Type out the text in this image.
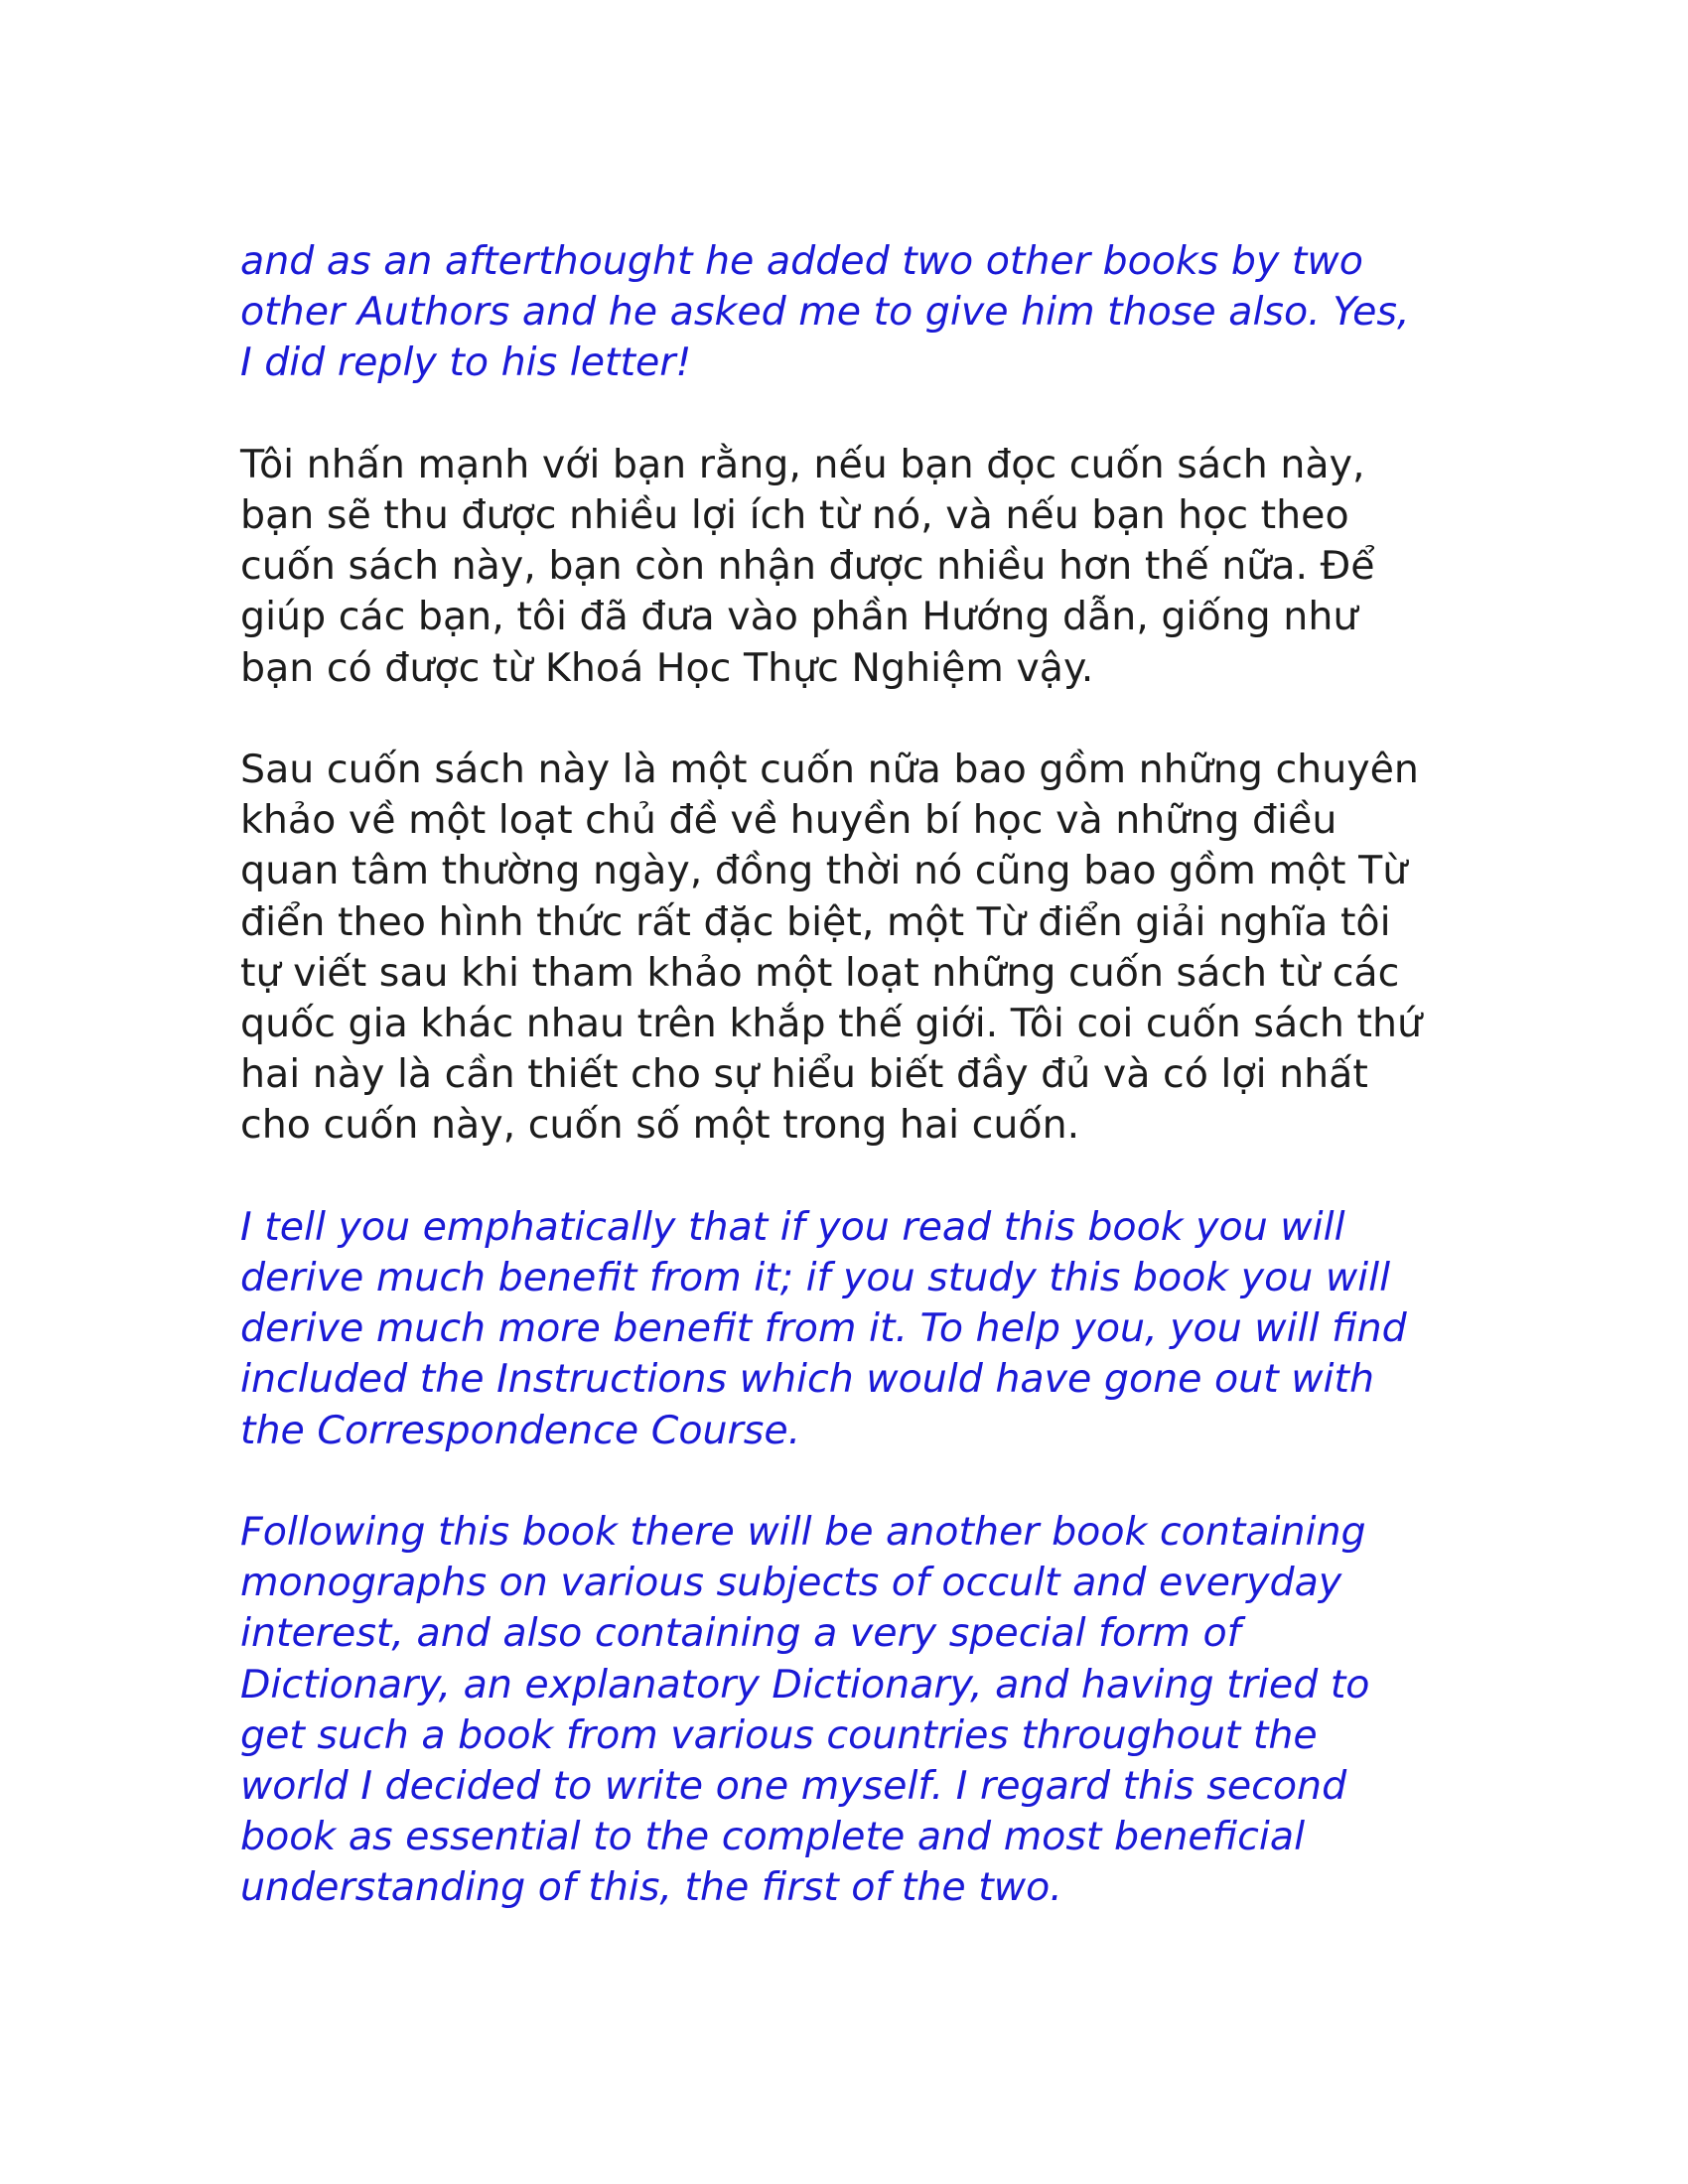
and as an afterthought he added two other books by two
other Authors and he asked me to give him those also. Yes,
I did reply to his letter!

Tôi nhấn mạnh với bạn rằng, nếu bạn đọc cuốn sách này,
bạn sẽ thu được nhiều lợi ích từ nó, và nếu bạn học theo
cuốn sách này, bạn còn nhận được nhiều hơn thế nữa. Để
giúp các bạn, tôi đã đưa vào phần Hướng dẫn, giống như
bạn có được từ Khoá Học Thực Nghiệm vậy.

Sau cuốn sách này là một cuốn nữa bao gồm những chuyên
khảo về một loạt chủ đề về huyền bí học và những điều
quan tâm thường ngày, đồng thời nó cũng bao gồm một Từ
điển theo hình thức rất đặc biệt, một Từ điển giải nghĩa tôi
tự viết sau khi tham khảo một loạt những cuốn sách từ các
quốc gia khác nhau trên khắp thế giới. Tôi coi cuốn sách thứ
hai này là cần thiết cho sự hiểu biết đầy đủ và có lợi nhất
cho cuốn này, cuốn số một trong hai cuốn.

I tell you emphatically that if you read this book you will
derive much benefit from it; if you study this book you will
derive much more benefit from it. To help you, you will find
included the Instructions which would have gone out with
the Correspondence Course.

Following this book there will be another book containing
monographs on various subjects of occult and everyday
interest, and also containing a very special form of
Dictionary, an explanatory Dictionary, and having tried to
get such a book from various countries throughout the
world I decided to write one myself. I regard this second
book as essential to the complete and most beneficial
understanding of this, the first of the two.
